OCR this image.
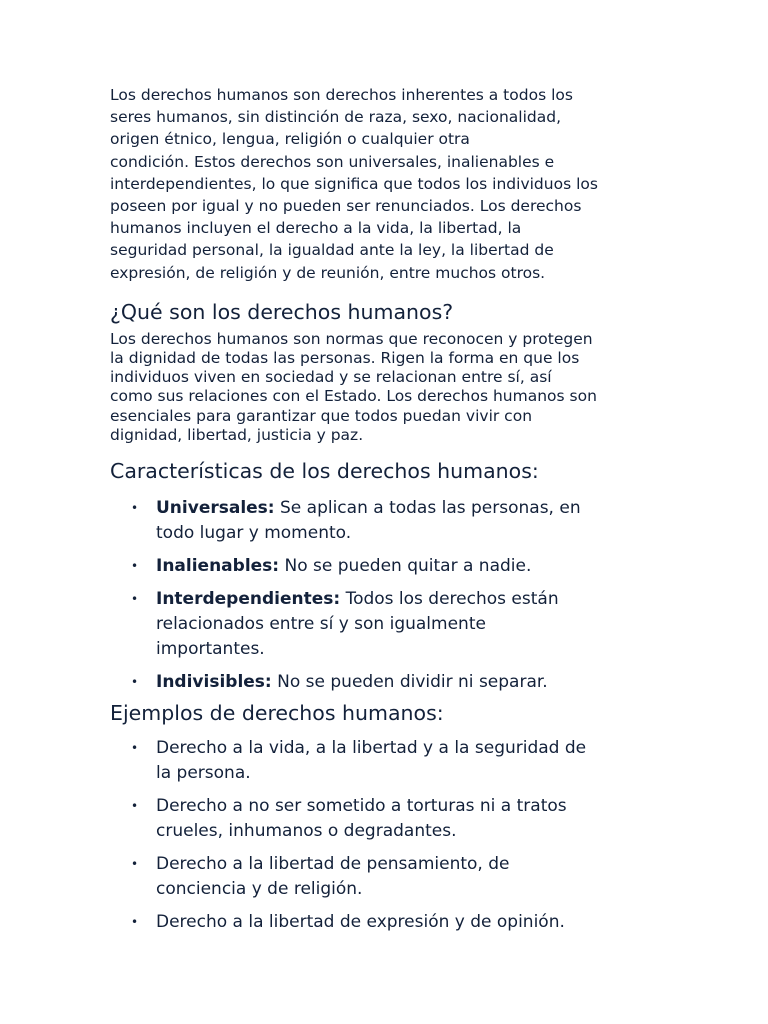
Los derechos humanos son derechos inherentes a todos los
seres humanos, sin distinción de raza, sexo, nacionalidad,
origen étnico, lengua, religión o cualquier otra
condición. Estos derechos son universales, inalienables e
interdependientes, lo que significa que todos los individuos los
poseen por igual y no pueden ser renunciados. Los derechos
humanos incluyen el derecho a la vida, la libertad, la
seguridad personal, la igualdad ante la ley, la libertad de
expresión, de religión y de reunión, entre muchos otros.

¿Qué son los derechos humanos?

Los derechos humanos son normas que reconocen y protegen
la dignidad de todas las personas. Rigen la forma en que los
individuos viven en sociedad y se relacionan entre sí, así
como sus relaciones con el Estado. Los derechos humanos son
esenciales para garantizar que todos puedan vivir con
dignidad, libertad, justicia y paz.

Características de los derechos humanos:
• Universales: Se aplican a todas las personas, en
todo lugar y momento.
• Inalienables: No se pueden quitar a nadie.
• Interdependientes: Todos los derechos están
relacionados entre sí y son igualmente
importantes.
• Indivisibles: No se pueden dividir ni separar.
Ejemplos de derechos humanos:
• Derecho a la vida, a la libertad y a la seguridad de
la persona.
• Derecho a no ser sometido a torturas ni a tratos
crueles, inhumanos o degradantes.
• Derecho a la libertad de pensamiento, de
conciencia y de religión.
• Derecho a la libertad de expresión y de opinión.
